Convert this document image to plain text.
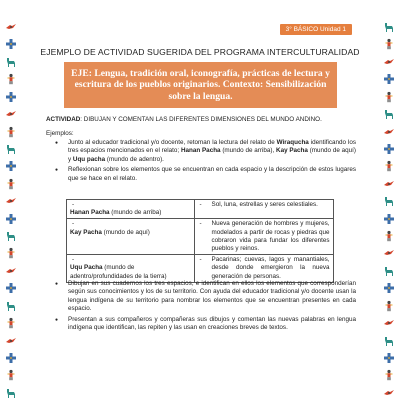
3° BÁSICO Unidad 1
EJEMPLO DE ACTIVIDAD SUGERIDA DEL PROGRAMA INTERCULTURALIDAD

EJE: Lengua, tradición oral, iconografía, prácticas de lectura y escritura de los pueblos originarios. Contexto: Sensibilización sobre la lengua.

ACTIVIDAD: DIBUJAN Y COMENTAN LAS DIFERENTES DIMENSIONES DEL MUNDO ANDINO.
Ejemplos:
● Junto al educador tradicional y/o docente, retoman la lectura del relato de Wiraqucha identificando los tres espacios mencionados en el relato; Hanan Pacha (mundo de arriba), Kay Pacha (mundo de aquí) y Uqu pacha (mundo de adentro).
● Reflexionan sobre los elementos que se encuentran en cada espacio y la descripción de estos lugares que se hace en el relato.
-Hanan Pacha (mundo de arriba)	- Sol, luna, estrellas y seres celestiales.
-Kay Pacha (mundo de aquí)	- Nueva generación de hombres y mujeres, modelados a partir de rocas y piedras que cobraron vida para fundar los diferentes pueblos y reinos.
-Uqu Pacha (mundo de adentro/profundidades de la tierra)	- Pacarinas; cuevas, lagos y manantiales, desde donde emergieron la nueva generación de personas.
● Dibujan en sus cuadernos los tres espacios, e identifican en ellos los elementos que corresponderían según sus conocimientos y los de su territorio. Con ayuda del educador tradicional y/o docente usan la lengua indígena de su territorio para nombrar los elementos que se encuentran presentes en cada espacio.
● Presentan a sus compañeros y compañeras sus dibujos y comentan las nuevas palabras en lengua indígena que identifican, las repiten y las usan en creaciones breves de textos.
